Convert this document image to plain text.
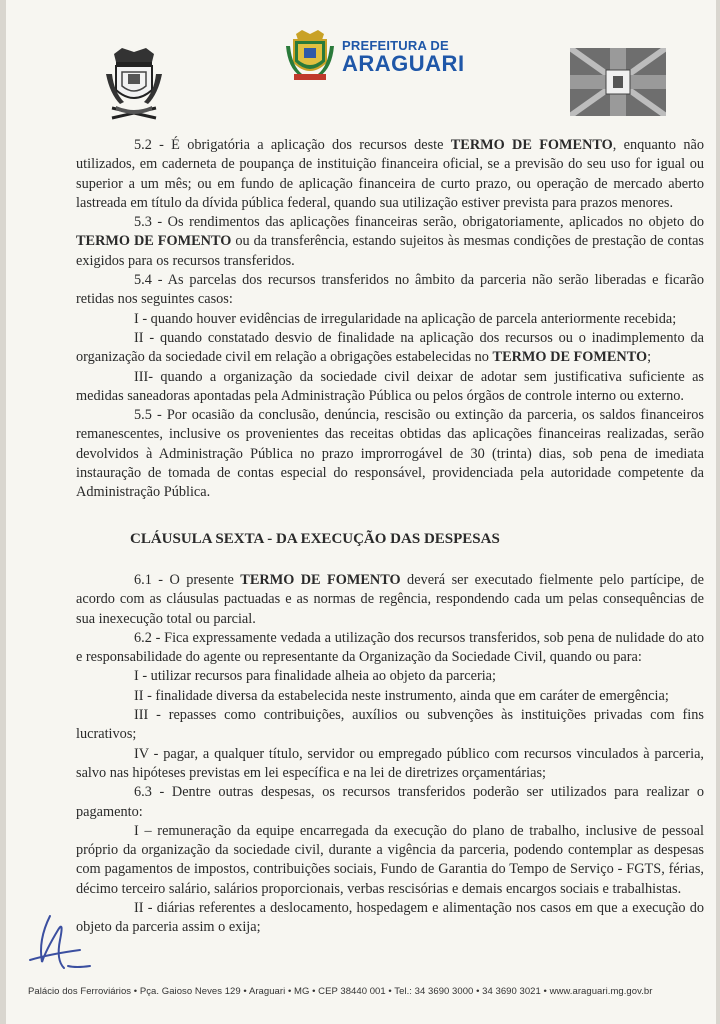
PREFEITURA DE
ARAGUARI

5.2 - É obrigatória a aplicação dos recursos deste TERMO DE FOMENTO, enquanto não utilizados, em caderneta de poupança de instituição financeira oficial, se a previsão do seu uso for igual ou superior a um mês; ou em fundo de aplicação financeira de curto prazo, ou operação de mercado aberto lastreada em título da dívida pública federal, quando sua utilização estiver prevista para prazos menores.

5.3 - Os rendimentos das aplicações financeiras serão, obrigatoriamente, aplicados no objeto do TERMO DE FOMENTO ou da transferência, estando sujeitos às mesmas condições de prestação de contas exigidos para os recursos transferidos.

5.4 - As parcelas dos recursos transferidos no âmbito da parceria não serão liberadas e ficarão retidas nos seguintes casos:

I - quando houver evidências de irregularidade na aplicação de parcela anteriormente recebida;

II - quando constatado desvio de finalidade na aplicação dos recursos ou o inadimplemento da organização da sociedade civil em relação a obrigações estabelecidas no TERMO DE FOMENTO;

III- quando a organização da sociedade civil deixar de adotar sem justificativa suficiente as medidas saneadoras apontadas pela Administração Pública ou pelos órgãos de controle interno ou externo.

5.5 - Por ocasião da conclusão, denúncia, rescisão ou extinção da parceria, os saldos financeiros remanescentes, inclusive os provenientes das receitas obtidas das aplicações financeiras realizadas, serão devolvidos à Administração Pública no prazo improrrogável de 30 (trinta) dias, sob pena de imediata instauração de tomada de contas especial do responsável, providenciada pela autoridade competente da Administração Pública.

CLÁUSULA SEXTA - DA EXECUÇÃO DAS DESPESAS

6.1 - O presente TERMO DE FOMENTO deverá ser executado fielmente pelo partícipe, de acordo com as cláusulas pactuadas e as normas de regência, respondendo cada um pelas consequências de sua inexecução total ou parcial.

6.2 - Fica expressamente vedada a utilização dos recursos transferidos, sob pena de nulidade do ato e responsabilidade do agente ou representante da Organização da Sociedade Civil, quando ou para:

I - utilizar recursos para finalidade alheia ao objeto da parceria;

II - finalidade diversa da estabelecida neste instrumento, ainda que em caráter de emergência;

III - repasses como contribuições, auxílios ou subvenções às instituições privadas com fins lucrativos;

IV - pagar, a qualquer título, servidor ou empregado público com recursos vinculados à parceria, salvo nas hipóteses previstas em lei específica e na lei de diretrizes orçamentárias;

6.3 - Dentre outras despesas, os recursos transferidos poderão ser utilizados para realizar o pagamento:

I – remuneração da equipe encarregada da execução do plano de trabalho, inclusive de pessoal próprio da organização da sociedade civil, durante a vigência da parceria, podendo contemplar as despesas com pagamentos de impostos, contribuições sociais, Fundo de Garantia do Tempo de Serviço - FGTS, férias, décimo terceiro salário, salários proporcionais, verbas rescisórias e demais encargos sociais e trabalhistas.

II - diárias referentes a deslocamento, hospedagem e alimentação nos casos em que a execução do objeto da parceria assim o exija;

Palácio dos Ferroviários • Pça. Gaioso Neves 129 • Araguari • MG • CEP 38440 001 • Tel.: 34 3690 3000 • 34 3690 3021 • www.araguari.mg.gov.br
